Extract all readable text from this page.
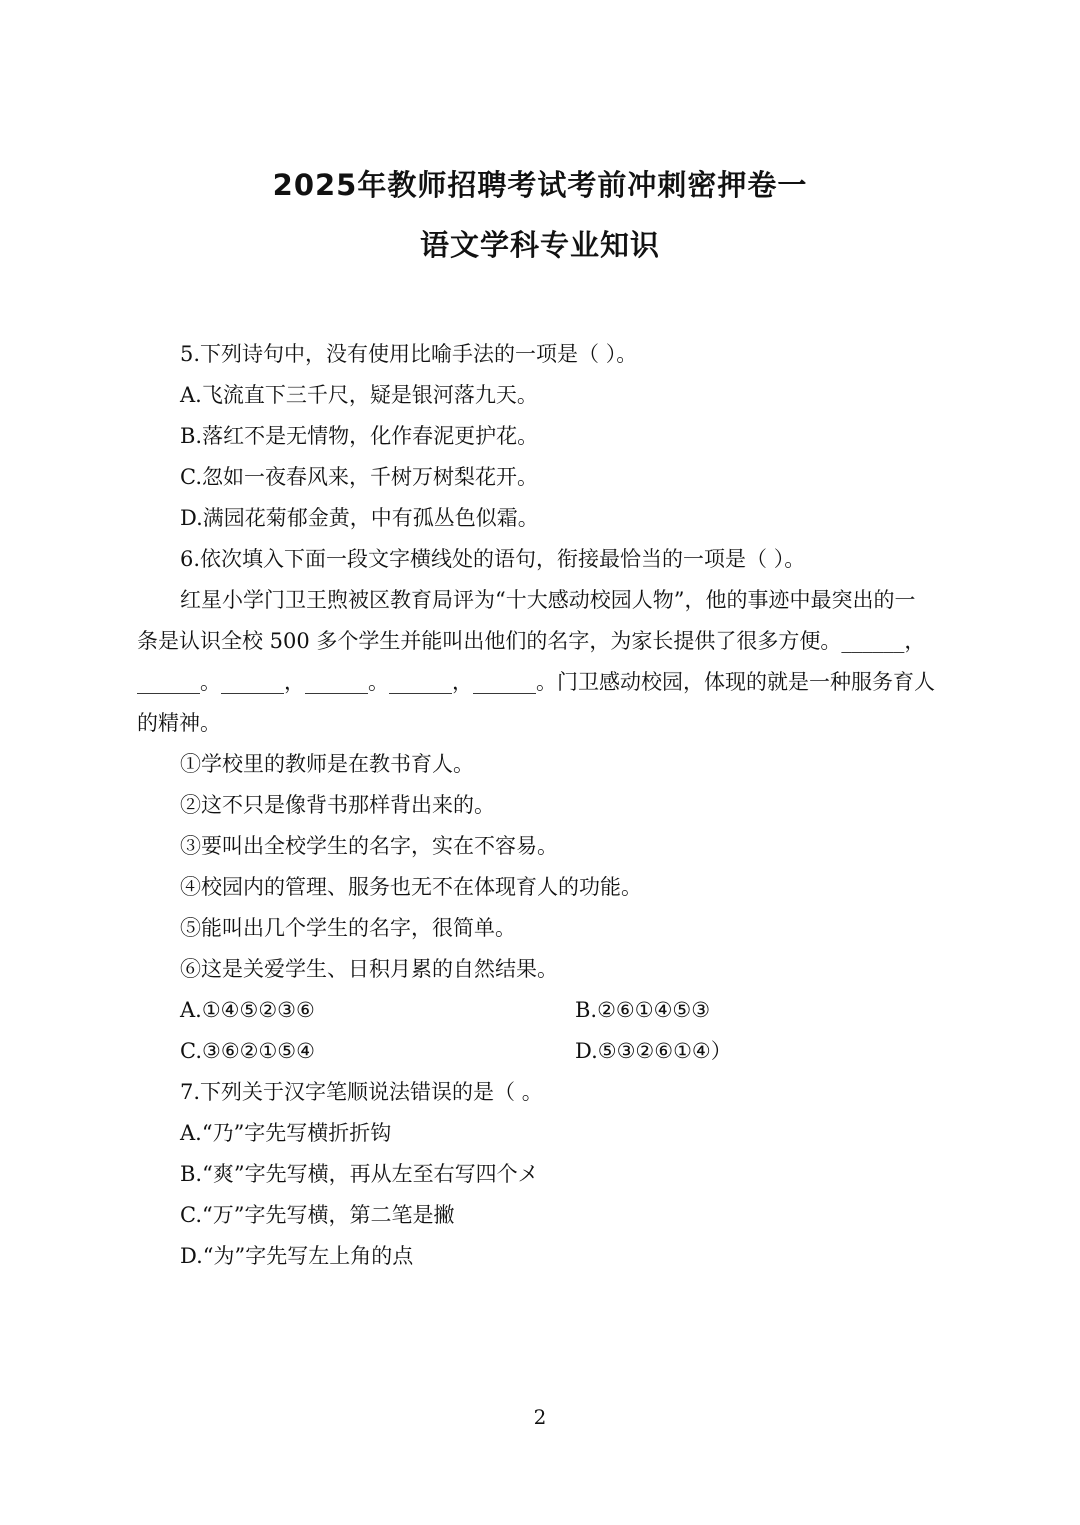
2025年教师招聘考试考前冲刺密押卷一
语文学科专业知识
5.下列诗句中，没有使用比喻手法的一项是（ ）。
A.飞流直下三千尺，疑是银河落九天。
B.落红不是无情物，化作春泥更护花。
C.忽如一夜春风来，千树万树梨花开。
D.满园花菊郁金黄，中有孤丛色似霜。
6.依次填入下面一段文字横线处的语句，衔接最恰当的一项是（ ）。
红星小学门卫王煦被区教育局评为“十大感动校园人物”，他的事迹中最突出的一
条是认识全校 500 多个学生并能叫出他们的名字，为家长提供了很多方便。______，
______。______，______。______，______。门卫感动校园，体现的就是一种服务育人
的精神。
①学校里的教师是在教书育人。
②这不只是像背书那样背出来的。
③要叫出全校学生的名字，实在不容易。
④校园内的管理、服务也无不在体现育人的功能。
⑤能叫出几个学生的名字，很简单。
⑥这是关爱学生、日积月累的自然结果。
A.①④⑤②③⑥	B.②⑥①④⑤③
C.③⑥②①⑤④	D.⑤③②⑥①④）
7.下列关于汉字笔顺说法错误的是（ 。
A.“乃”字先写横折折钩
B.“爽”字先写横，再从左至右写四个メ
C.“万”字先写横，第二笔是撇
D.“为”字先写左上角的点
2
